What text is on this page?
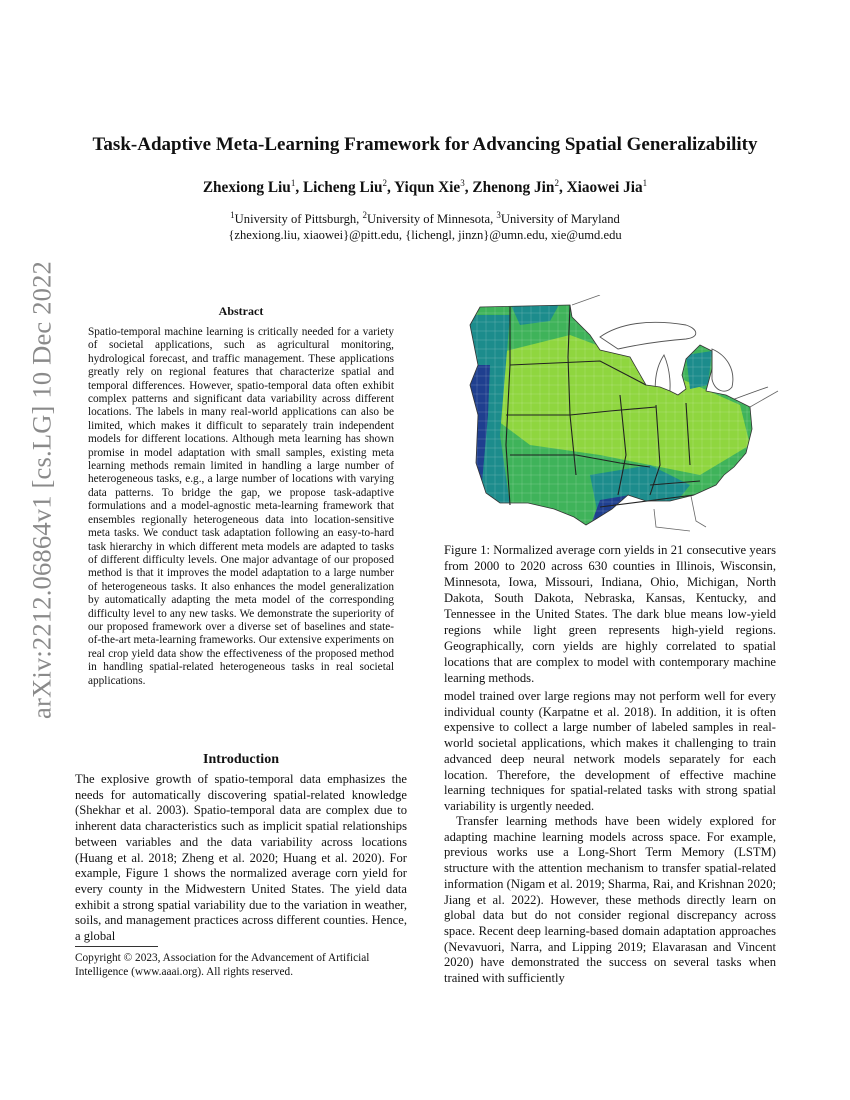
arXiv:2212.06864v1 [cs.LG] 10 Dec 2022
Task-Adaptive Meta-Learning Framework for Advancing Spatial Generalizability

Zhexiong Liu$^1$, Licheng Liu$^2$, Yiqun Xie$^3$, Zhenong Jin$^2$, Xiaowei Jia$^1$

$^1$University of Pittsburgh, $^2$University of Minnesota, $^3$University of Maryland
{zhexiong.liu, xiaowei}@pitt.edu, {lichengl, jinzn}@umn.edu, xie@umd.edu

Abstract

Spatio-temporal machine learning is critically needed for a variety of societal applications, such as agricultural monitoring, hydrological forecast, and traffic management. These applications greatly rely on regional features that characterize spatial and temporal differences. However, spatio-temporal data often exhibit complex patterns and significant data variability across different locations. The labels in many real-world applications can also be limited, which makes it difficult to separately train independent models for different locations. Although meta learning has shown promise in model adaptation with small samples, existing meta learning methods remain limited in handling a large number of heterogeneous tasks, e.g., a large number of locations with varying data patterns. To bridge the gap, we propose task-adaptive formulations and a model-agnostic meta-learning framework that ensembles regionally heterogeneous data into location-sensitive meta tasks. We conduct task adaptation following an easy-to-hard task hierarchy in which different meta models are adapted to tasks of different difficulty levels. One major advantage of our proposed method is that it improves the model adaptation to a large number of heterogeneous tasks. It also enhances the model generalization by automatically adapting the meta model of the corresponding difficulty level to any new tasks. We demonstrate the superiority of our proposed framework over a diverse set of baselines and state-of-the-art meta-learning frameworks. Our extensive experiments on real crop yield data show the effectiveness of the proposed method in handling spatial-related heterogeneous tasks in real societal applications.

Introduction

The explosive growth of spatio-temporal data emphasizes the needs for automatically discovering spatial-related knowledge (Shekhar et al. 2003). Spatio-temporal data are complex due to inherent data characteristics such as implicit spatial relationships between variables and the data variability across locations (Huang et al. 2018; Zheng et al. 2020; Huang et al. 2020). For example, Figure 1 shows the normalized average corn yield for every county in the Midwestern United States. The yield data exhibit a strong spatial variability due to the variation in weather, soils, and management practices across different counties. Hence, a global

Copyright © 2023, Association for the Advancement of Artificial Intelligence (www.aaai.org). All rights reserved.

Figure 1: Normalized average corn yields in 21 consecutive years from 2000 to 2020 across 630 counties in Illinois, Wisconsin, Minnesota, Iowa, Missouri, Indiana, Ohio, Michigan, North Dakota, South Dakota, Nebraska, Kansas, Kentucky, and Tennessee in the United States. The dark blue means low-yield regions while light green represents high-yield regions. Geographically, corn yields are highly correlated to spatial locations that are complex to model with contemporary machine learning methods.

model trained over large regions may not perform well for every individual county (Karpatne et al. 2018). In addition, it is often expensive to collect a large number of labeled samples in real-world societal applications, which makes it challenging to train advanced deep neural network models separately for each location. Therefore, the development of effective machine learning techniques for spatial-related tasks with strong spatial variability is urgently needed.

Transfer learning methods have been widely explored for adapting machine learning models across space. For example, previous works use a Long-Short Term Memory (LSTM) structure with the attention mechanism to transfer spatial-related information (Nigam et al. 2019; Sharma, Rai, and Krishnan 2020; Jiang et al. 2022). However, these methods directly learn on global data but do not consider regional discrepancy across space. Recent deep learning-based domain adaptation approaches (Nevavuori, Narra, and Lipping 2019; Elavarasan and Vincent 2020) have demonstrated the success on several tasks when trained with sufficiently
